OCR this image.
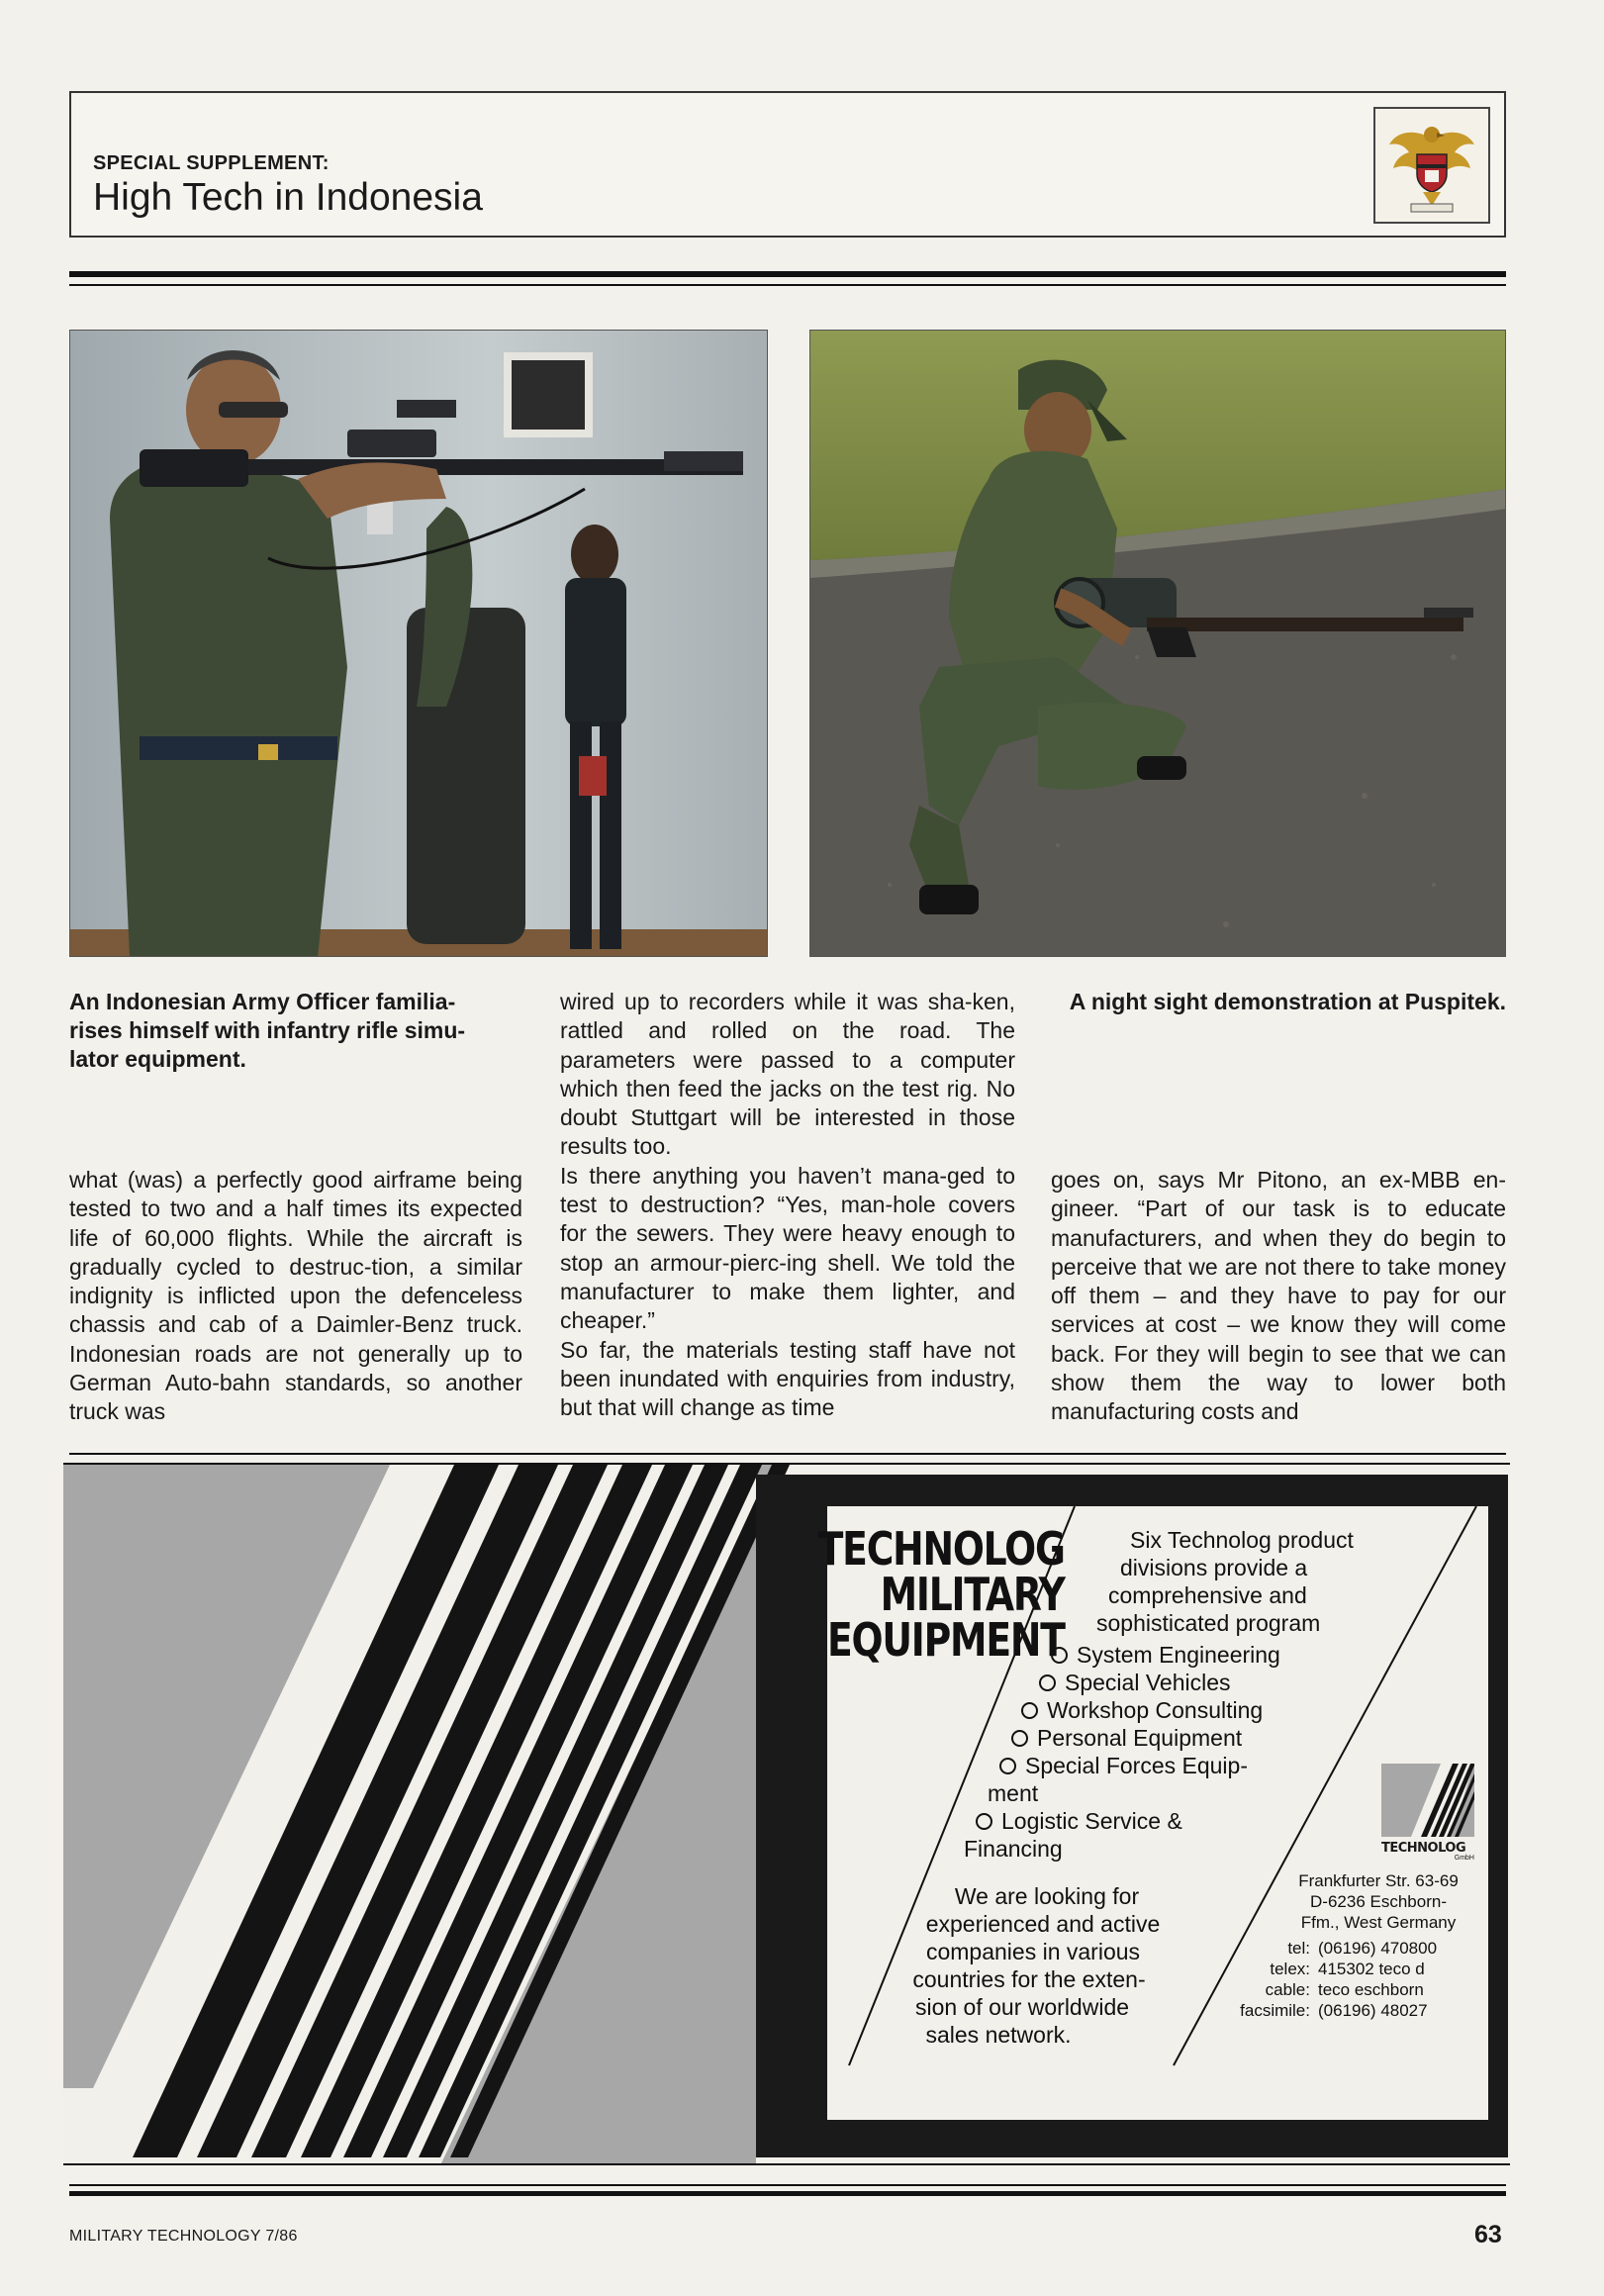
SPECIAL SUPPLEMENT:
High Tech in Indonesia
An Indonesian Army Officer familia-rises himself with infantry rifle simu-lator equipment.
A night sight demonstration at Puspitek.

what (was) a perfectly good airframe being tested to two and a half times its expected life of 60,000 flights. While the aircraft is gradually cycled to destruc-tion, a similar indignity is inflicted upon the defenceless chassis and cab of a Daimler-Benz truck. Indonesian roads are not generally up to German Auto-bahn standards, so another truck was

wired up to recorders while it was sha-ken, rattled and rolled on the road. The parameters were passed to a computer which then feed the jacks on the test rig. No doubt Stuttgart will be interested in those results too.

Is there anything you haven’t mana-ged to test to destruction? “Yes, man-hole covers for the sewers. They were heavy enough to stop an armour-pierc-ing shell. We told the manufacturer to make them lighter, and cheaper.”

So far, the materials testing staff have not been inundated with enquiries from industry, but that will change as time

goes on, says Mr Pitono, an ex-MBB en-gineer. “Part of our task is to educate manufacturers, and when they do begin to perceive that we are not there to take money off them – and they have to pay for our services at cost – we know they will come back. For they will begin to see that we can show them the way to lower both manufacturing costs and

TECHNOLOG
MILITARY
EQUIPMENT
Six Technolog product
divisions provide a
comprehensive and
sophisticated program
System Engineering
Special Vehicles
Workshop Consulting
Personal Equipment
Special Forces Equip-
ment
Logistic Service &
Financing
We are looking for
experienced and active
companies in various
countries for the exten-
sion of our worldwide
sales network.
TECHNOLOG
GmbH
Frankfurter Str. 63-69
D-6236 Eschborn-
Ffm., West Germany
tel: (06196) 470800
telex: 415302 teco d
cable: teco eschborn
facsimile: (06196) 48027
MILITARY TECHNOLOGY 7/86	63
